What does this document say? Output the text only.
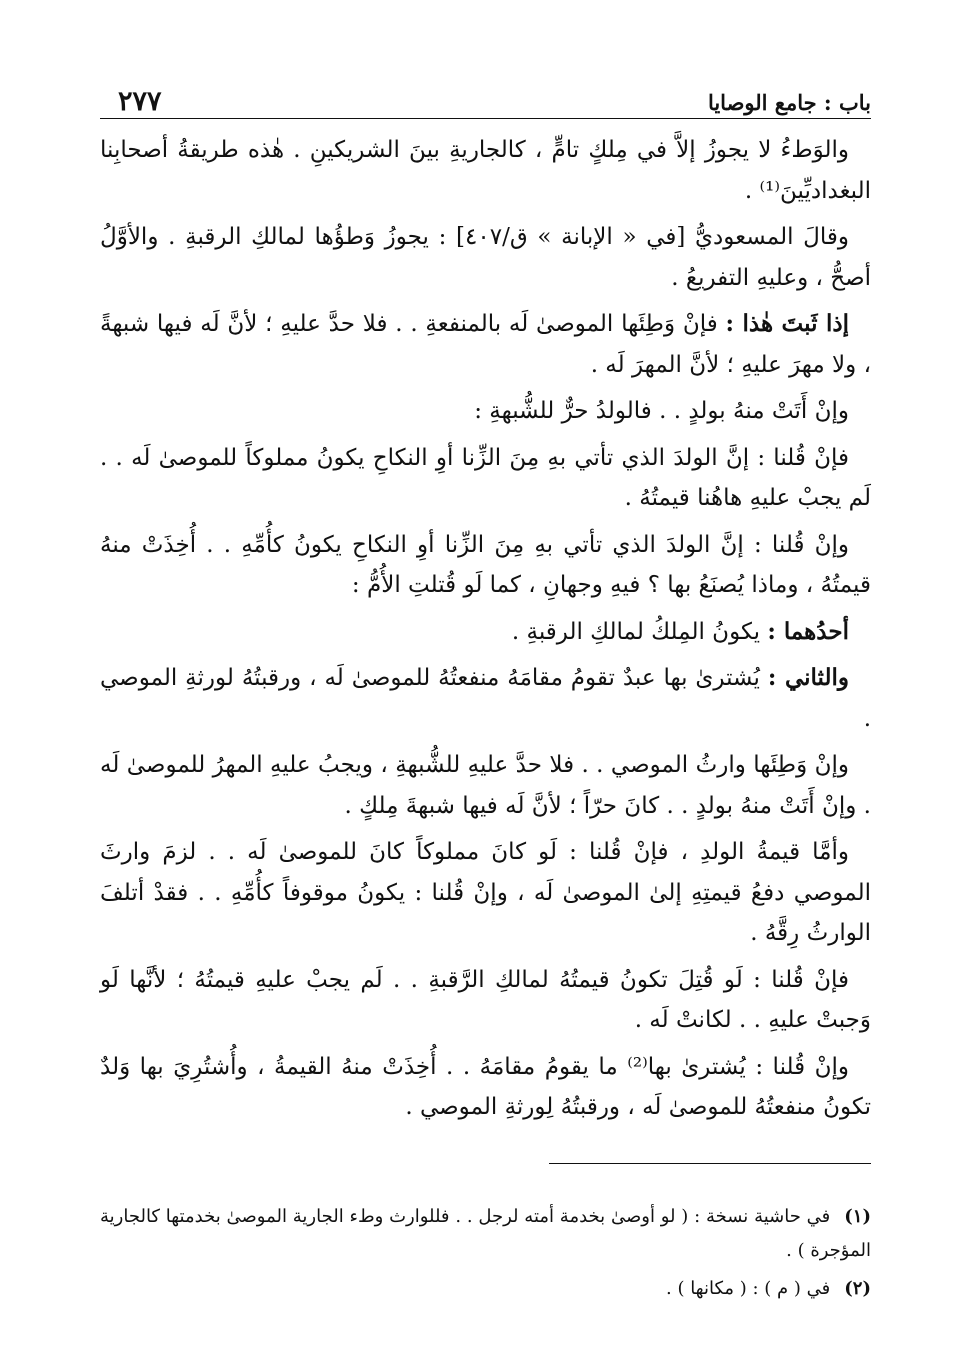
باب : جامع الوصايا
٢٧٧

والوَطءُ لا يجوزُ إلاَّ في مِلكٍ تامٍّ ، كالجاريةِ بينَ الشريكينِ . هٰذه طريقةُ أصحابِنا البغداديِّينَ⁽¹⁾ .

وقالَ المسعوديُّ [في « الإبانة » ق/٤٠٧] : يجوزُ وَطؤُها لمالكِ الرقبةِ . والأوَّلُ أصحُّ ، وعليهِ التفريعُ .

إذا ثَبتَ هٰذا : فإنْ وَطِئَها الموصىٰ لَه بالمنفعةِ . . فلا حدَّ عليهِ ؛ لأنَّ لَه فيها شبهةً ، ولا مهرَ عليهِ ؛ لأنَّ المهرَ لَه .

وإنْ أَتَتْ منهُ بولدٍ . . فالولدُ حرٌّ للشُّبهةِ :

فإنْ قُلنا : إنَّ الولدَ الذي تأتي بهِ مِنَ الزِّنا أوِ النكاحِ يكونُ مملوكاً للموصىٰ لَه . . لَم يجبْ عليهِ هاهُنا قيمتُهُ .

وإنْ قُلنا : إنَّ الولدَ الذي تأتي بهِ مِنَ الزِّنا أوِ النكاحِ يكونُ كأُمِّهِ . . أُخِذَتْ منهُ قيمتُهُ ، وماذا يُصنَعُ بها ؟ فيهِ وجهانِ ، كما لَو قُتلتِ الأُمُّ :

أحدُهما : يكونُ المِلكُ لمالكِ الرقبةِ .

والثاني : يُشترىٰ بها عبدٌ تقومُ مقامَهُ منفعتُهُ للموصىٰ لَه ، ورقبتُهُ لورثةِ الموصي .

وإنْ وَطِئَها وارثُ الموصي . . فلا حدَّ عليهِ للشُّبهةِ ، ويجبُ عليهِ المهرُ للموصىٰ لَه . وإنْ أَتَتْ منهُ بولدٍ . . كانَ حرّاً ؛ لأنَّ لَه فيها شبهةَ مِلكٍ .

وأمَّا قيمةُ الولدِ ، فإنْ قُلنا : لَو كانَ مملوكاً كانَ للموصىٰ لَه . . لزمَ وارثَ الموصي دفعُ قيمتِهِ إلىٰ الموصىٰ لَه ، وإنْ قُلنا : يكونُ موقوفاً كأُمِّهِ . . فقدْ أتلفَ الوارثُ رِقَّهُ .

فإنْ قُلنا : لَو قُتِلَ تكونُ قيمتُهُ لمالكِ الرَّقبةِ . . لَم يجبْ عليهِ قيمتُهُ ؛ لأنَّها لَو وَجبتْ عليهِ . . لكانتْ لَه .

وإنْ قُلنا : يُشترىٰ بها⁽²⁾ ما يقومُ مقامَهُ . . أُخِذَتْ منهُ القيمةُ ، وأُشتُرِيَ بها وَلدٌ تكونُ منفعتُهُ للموصىٰ لَه ، ورقبتُهُ لِورثةِ الموصي .

(١)في حاشية نسخة : ( لو أوصىٰ بخدمة أمته لرجل . . فللوارث وطء الجارية الموصىٰ بخدمتها كالجارية المؤجرة ) .

(٢)في ( م ) : ( مكانها ) .
